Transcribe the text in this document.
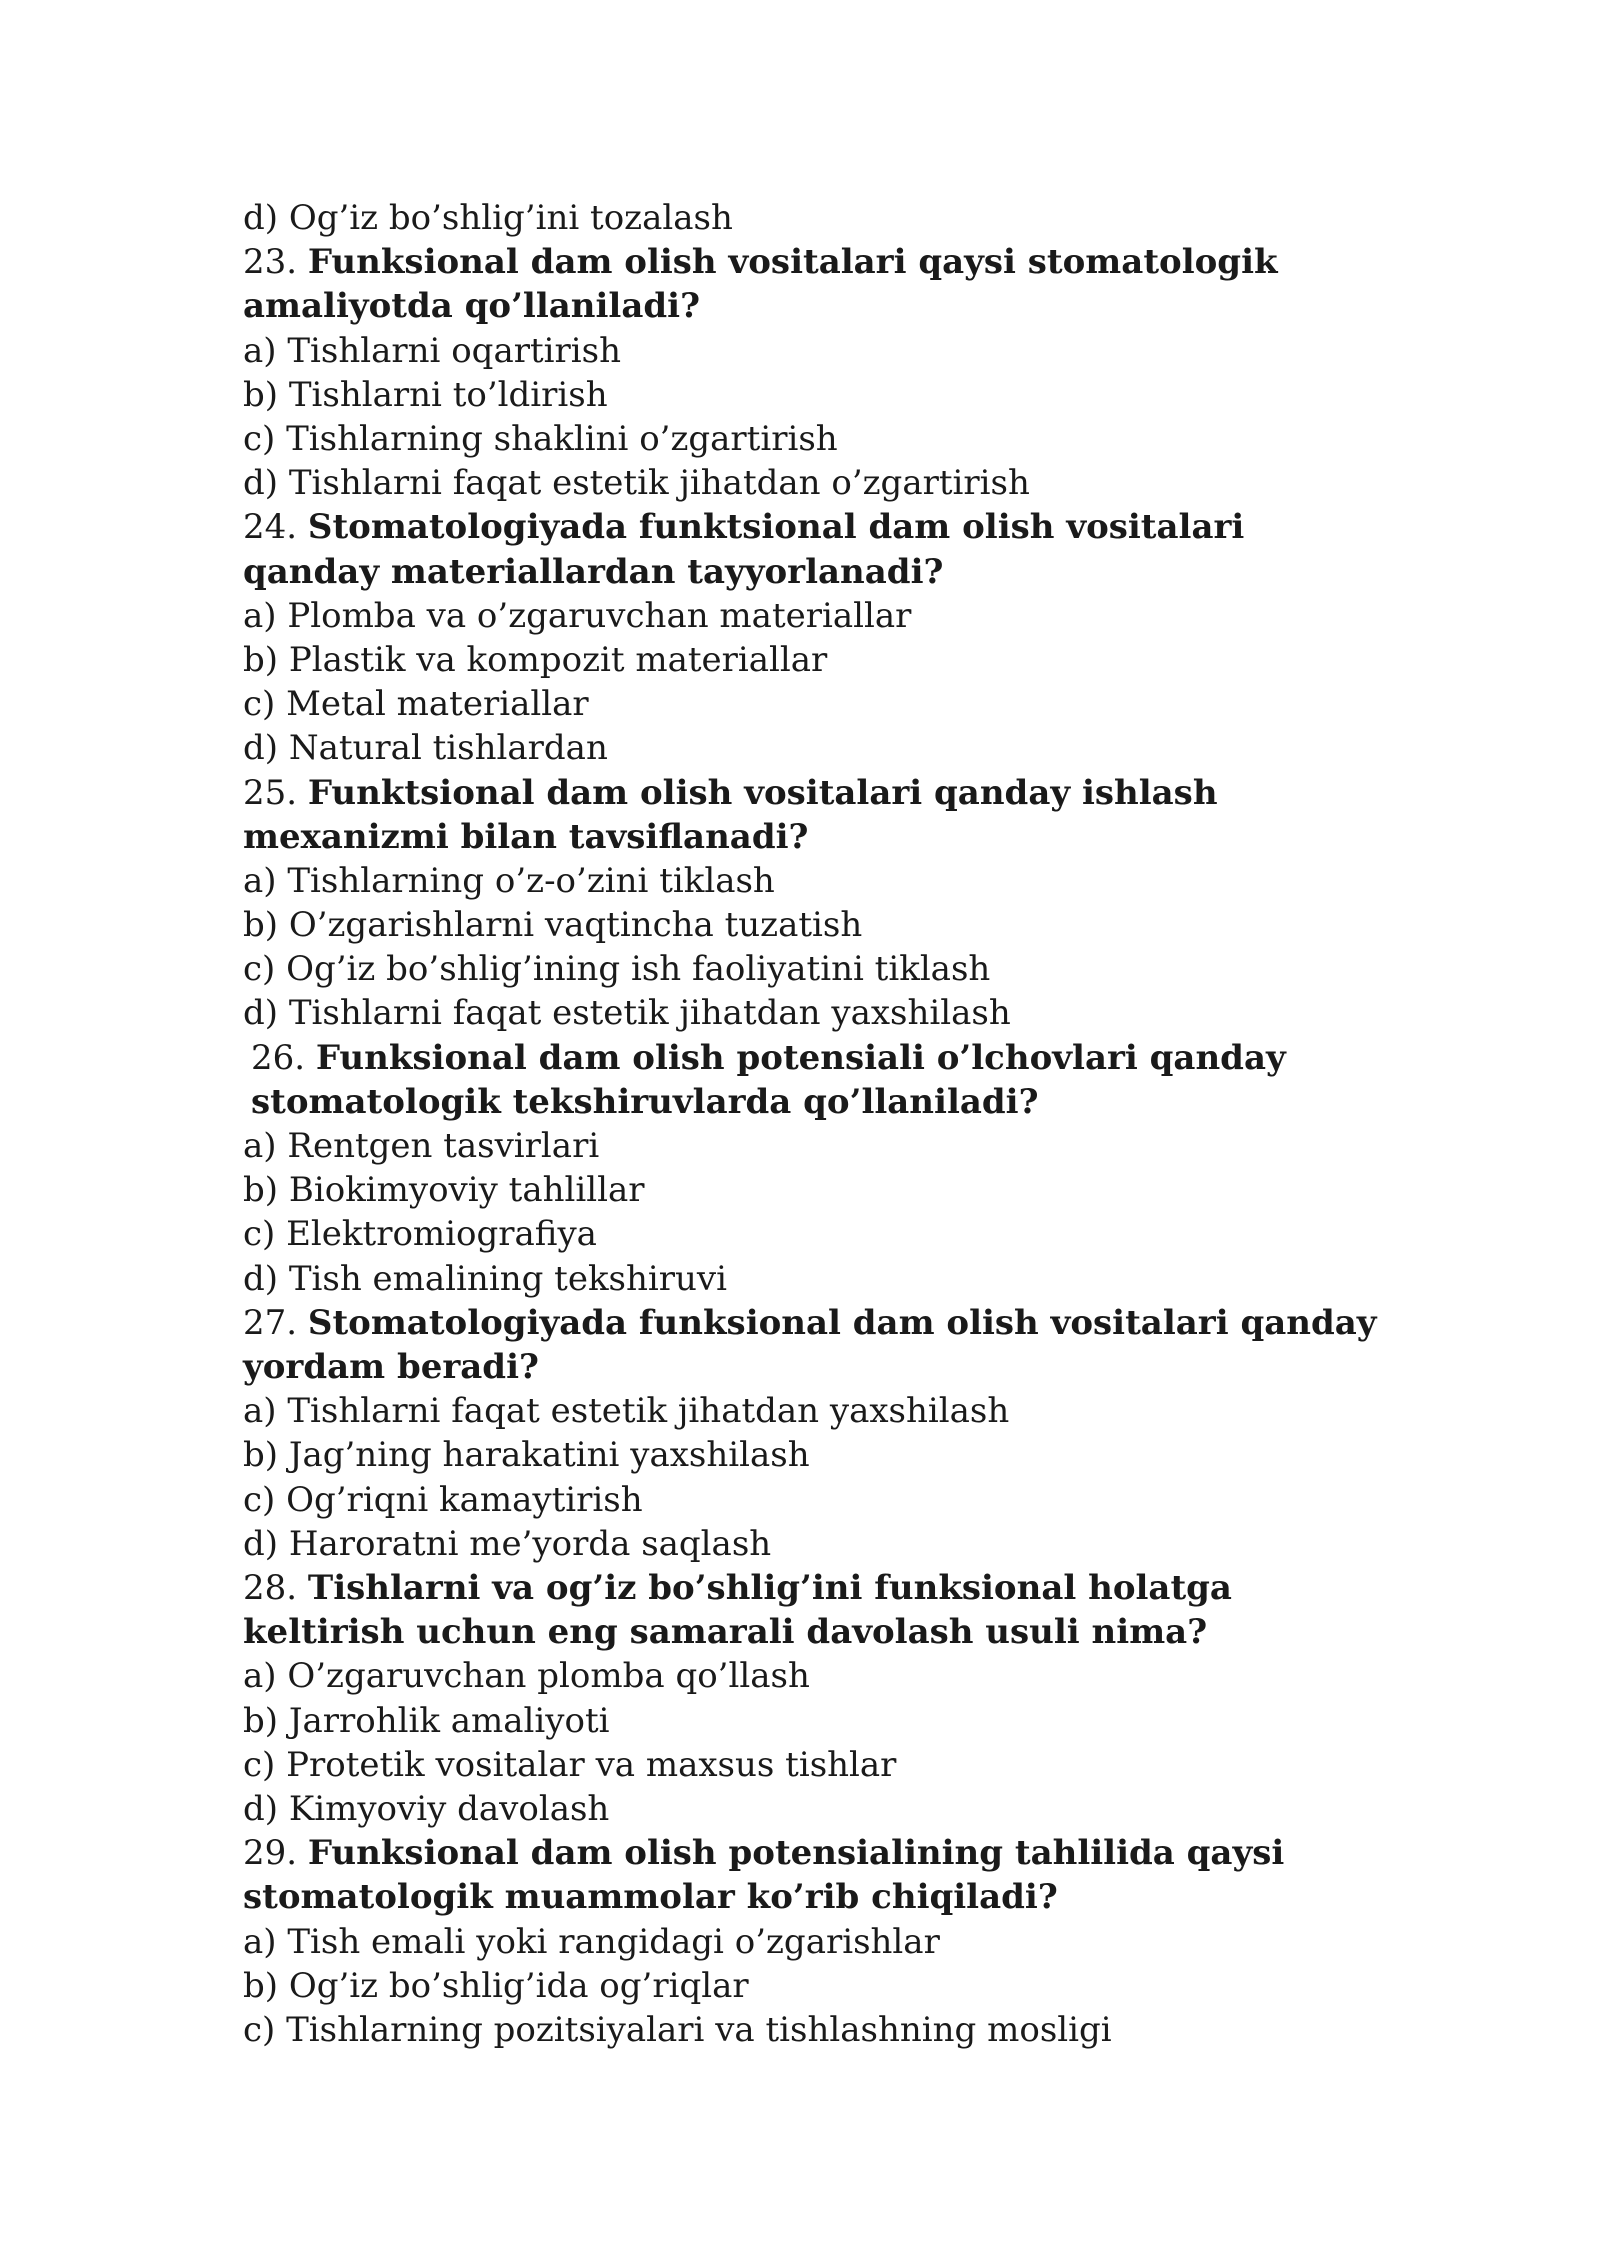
d) Og’iz bo’shlig’ini tozalash
23. Funksional dam olish vositalari qaysi stomatologik amaliyotda qo’llaniladi?
a) Tishlarni oqartirish
b) Tishlarni to’ldirish
c) Tishlarning shaklini o’zgartirish
d) Tishlarni faqat estetik jihatdan o’zgartirish
24. Stomatologiyada funktsional dam olish vositalari qanday materiallardan tayyorlanadi?
a) Plomba va o’zgaruvchan materiallar
b) Plastik va kompozit materiallar
c) Metal materiallar
d) Natural tishlardan
25. Funktsional dam olish vositalari qanday ishlash mexanizmi bilan tavsiflanadi?
a) Tishlarning o’z-o’zini tiklash
b) O’zgarishlarni vaqtincha tuzatish
c) Og’iz bo’shlig’ining ish faoliyatini tiklash
d) Tishlarni faqat estetik jihatdan yaxshilash
26. Funksional dam olish potensiali o’lchovlari qanday stomatologik tekshiruvlarda qo’llaniladi?
a) Rentgen tasvirlari
b) Biokimyoviy tahlillar
c) Elektromiografiya
d) Tish emalining tekshiruvi
27. Stomatologiyada funksional dam olish vositalari qanday yordam beradi?
a) Tishlarni faqat estetik jihatdan yaxshilash
b) Jag’ning harakatini yaxshilash
c) Og’riqni kamaytirish
d) Haroratni me’yorda saqlash
28. Tishlarni va og’iz bo’shlig’ini funksional holatga keltirish uchun eng samarali davolash usuli nima?
a) O’zgaruvchan plomba qo’llash
b) Jarrohlik amaliyoti
c) Protetik vositalar va maxsus tishlar
d) Kimyoviy davolash
29. Funksional dam olish potensialining tahlilida qaysi stomatologik muammolar ko’rib chiqiladi?
a) Tish emali yoki rangidagi o’zgarishlar
b) Og’iz bo’shlig’ida og’riqlar
c) Tishlarning pozitsiyalari va tishlashning mosligi
